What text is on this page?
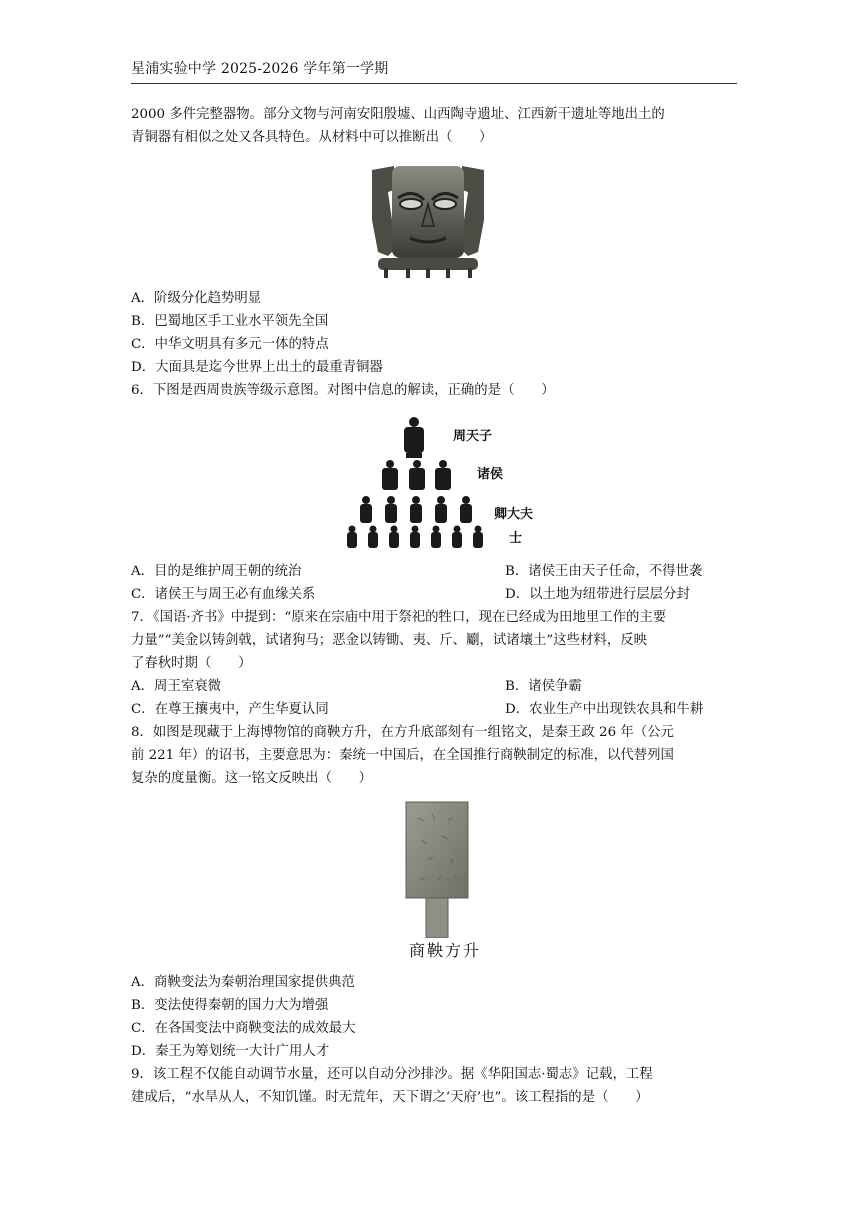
星浦实验中学 2025-2026 学年第一学期
2000 多件完整器物。部分文物与河南安阳殷墟、山西陶寺遗址、江西新干遗址等地出土的
青铜器有相似之处又各具特色。从材料中可以推断出（　　）
A．阶级分化趋势明显
B．巴蜀地区手工业水平领先全国
C．中华文明具有多元一体的特点
D．大面具是迄今世界上出土的最重青铜器
6．下图是西周贵族等级示意图。对图中信息的解读，正确的是（　　）
周天子
诸侯
卿大夫
士
A．目的是维护周王朝的统治	B．诸侯王由天子任命，不得世袭
C．诸侯王与周王必有血缘关系	D．以土地为纽带进行层层分封
7．《国语·齐书》中提到：“原来在宗庙中用于祭祀的牲口，现在已经成为田地里工作的主要
力量”“美金以铸剑戟，试诸狗马；恶金以铸锄、夷、斤、劚，试诸壤土”这些材料，反映
了春秋时期（　　）
A．周王室衰微	B．诸侯争霸
C．在尊王攘夷中，产生华夏认同	D．农业生产中出现铁农具和牛耕
8．如图是现藏于上海博物馆的商鞅方升，在方升底部刻有一组铭文，是秦王政 26 年（公元
前 221 年）的诏书，主要意思为：秦统一中国后，在全国推行商鞅制定的标准，以代替列国
复杂的度量衡。这一铭文反映出（　　）
商鞅方升
A．商鞅变法为秦朝治理国家提供典范
B．变法使得秦朝的国力大为增强
C．在各国变法中商鞅变法的成效最大
D．秦王为筹划统一大计广用人才
9．该工程不仅能自动调节水量，还可以自动分沙排沙。据《华阳国志·蜀志》记载，工程
建成后，“水旱从人，不知饥馑。时无荒年，天下谓之‘天府’也”。该工程指的是（　　）
